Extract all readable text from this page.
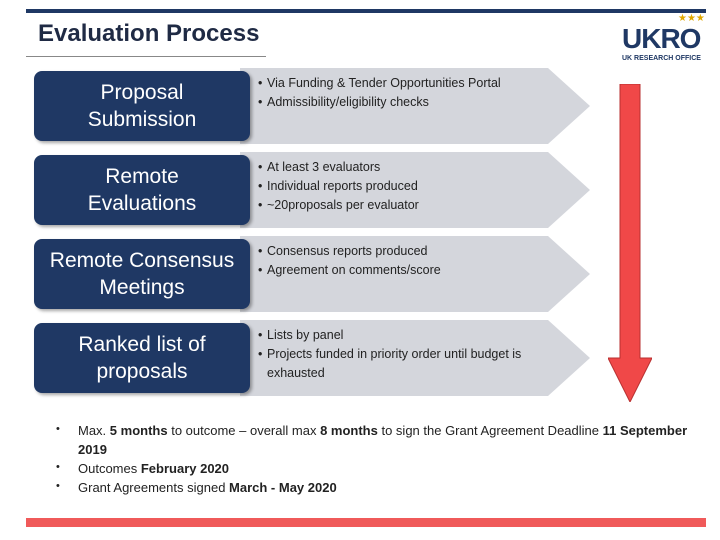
Evaluation Process
★★★
UKRO
UK RESEARCH OFFICE
Proposal
Submission
• Via Funding & Tender Opportunities Portal
• Admissibility/eligibility checks
Remote
Evaluations
• At least 3 evaluators
• Individual reports produced
• ~20proposals per evaluator
Remote Consensus
Meetings
• Consensus reports produced
• Agreement on comments/score
Ranked list of
proposals
• Lists by panel
• Projects funded in priority order until budget is exhausted
• Max. 5 months to outcome – overall max 8 months to sign the Grant Agreement Deadline 11 September 2019
• Outcomes February 2020
• Grant Agreements signed March - May 2020
